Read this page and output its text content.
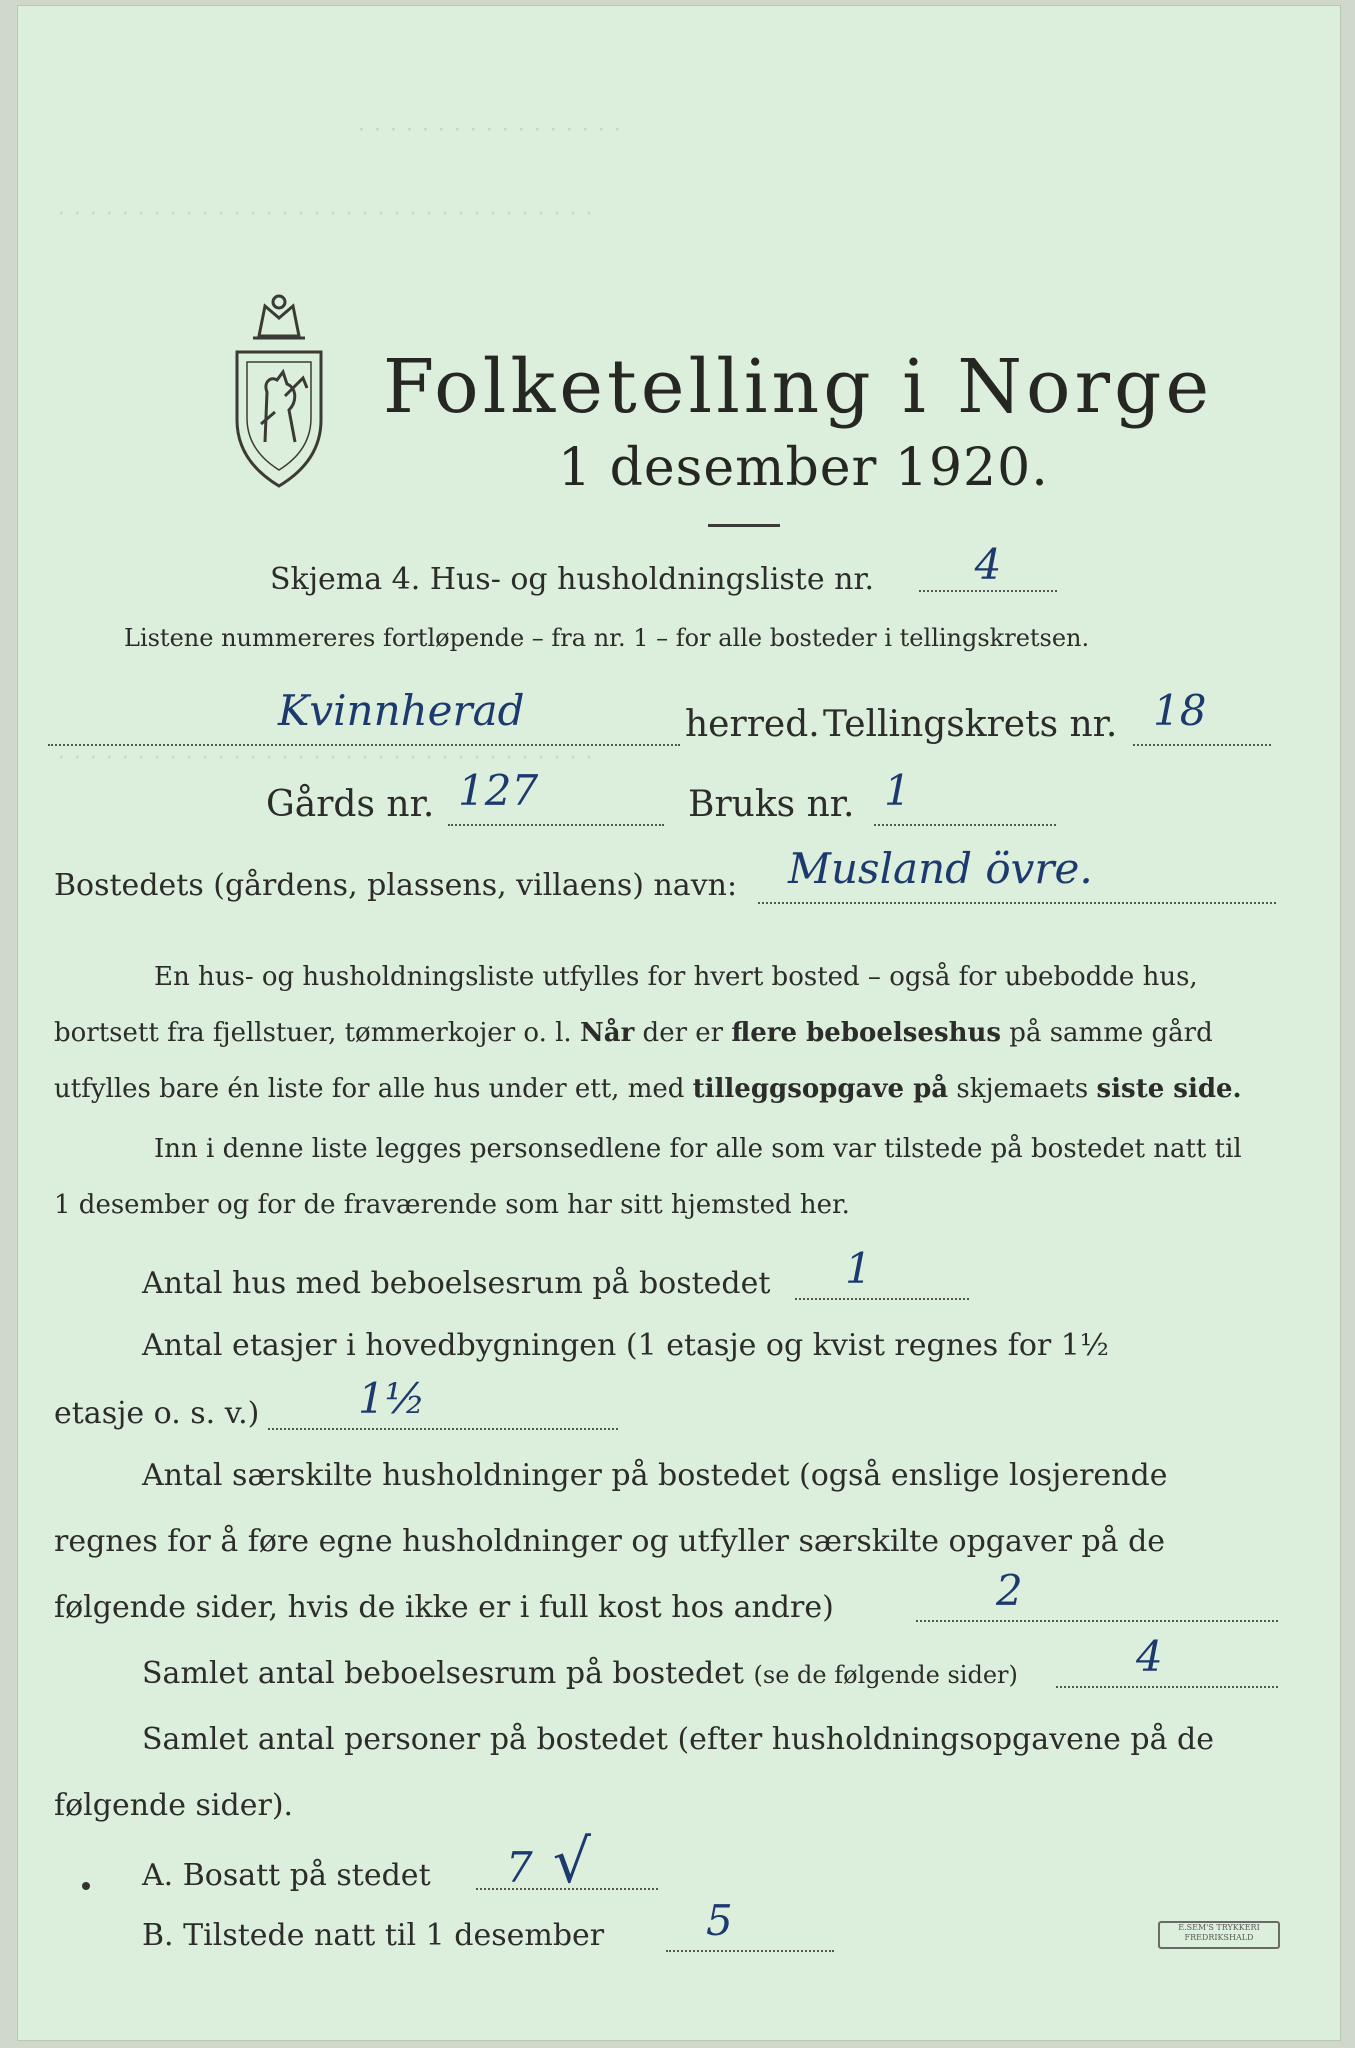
· · · · · · · · · · · · · · · · ·
· · · · · · · · · · · · · · · · · · · · · · · · · · · · · · · · · ·
· · · · · · · · · · · · · · · · · · · · · · · · · · · · · · · · · ·
Folketelling i Norge
1 desember 1920.
Skjema 4. Hus- og husholdningsliste nr.	4
Listene nummereres fortløpende – fra nr. 1 – for alle bosteder i tellingskretsen.
Kvinnherad	herred. Tellingskrets nr. 18
Gårds nr. 127	Bruks nr. 1
Bostedets (gårdens, plassens, villaens) navn:	Musland övre.
En hus- og husholdningsliste utfylles for hvert bosted – også for ubebodde hus,
bortsett fra fjellstuer, tømmerkojer o. l. Når der er flere beboelseshus på samme gård
utfylles bare én liste for alle hus under ett, med tilleggsopgave på skjemaets siste side.
Inn i denne liste legges personsedlene for alle som var tilstede på bostedet natt til
1 desember og for de fraværende som har sitt hjemsted her.
Antal hus med beboelsesrum på bostedet	1
Antal etasjer i hovedbygningen (1 etasje og kvist regnes for 1½
etasje o. s. v.)	1½
Antal særskilte husholdninger på bostedet (også enslige losjerende
regnes for å føre egne husholdninger og utfyller særskilte opgaver på de
følgende sider, hvis de ikke er i full kost hos andre)	2
Samlet antal beboelsesrum på bostedet (se de følgende sider)	4
Samlet antal personer på bostedet (efter husholdningsopgavene på de
følgende sider).
A. Bosatt på stedet	7 √
B. Tilstede natt til 1 desember	5	E.SEM'S TRYKKERI FREDRIKSHALD
